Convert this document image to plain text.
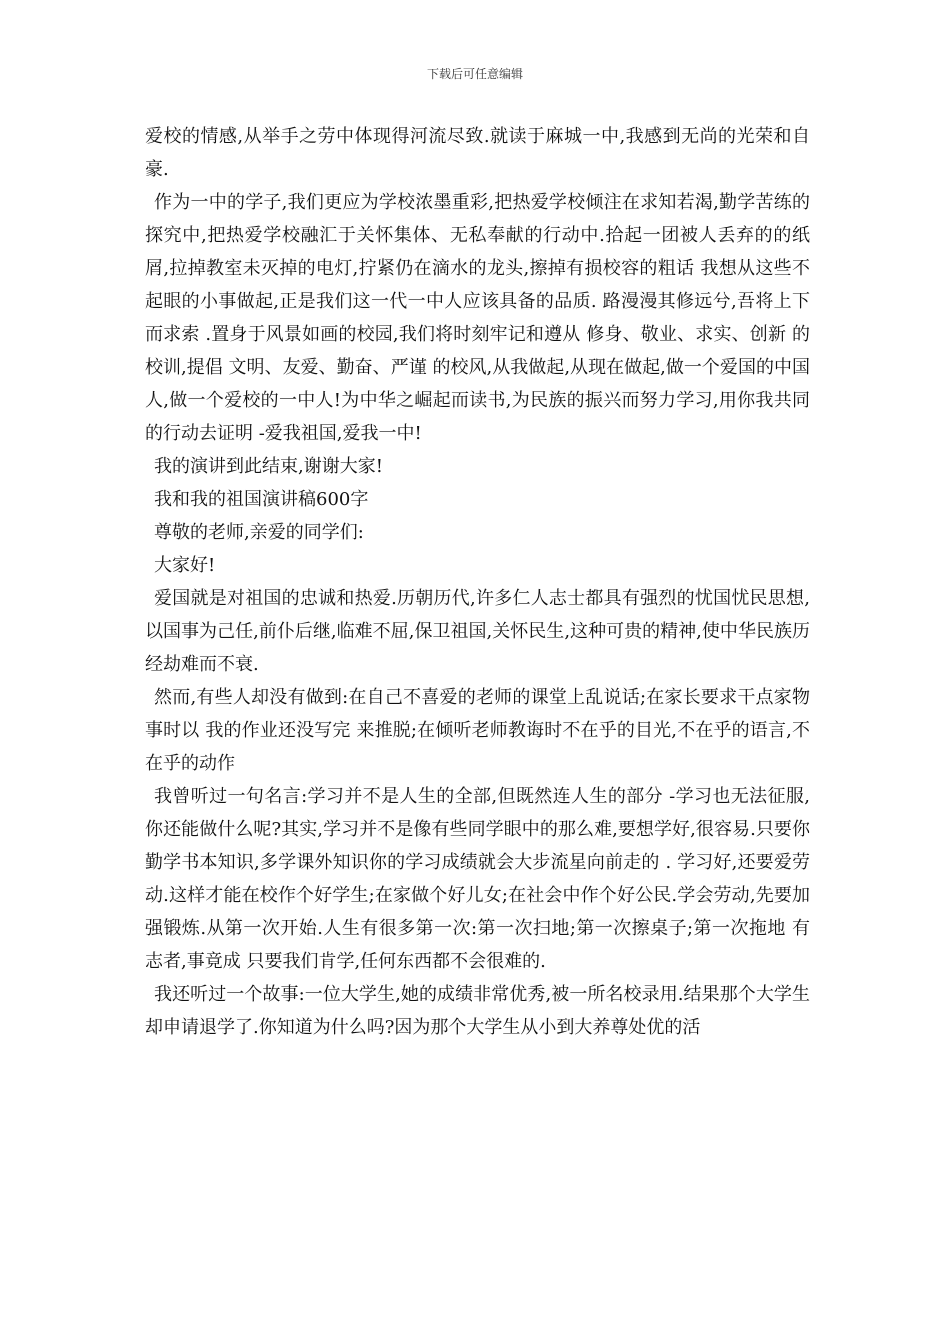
下载后可任意编辑

爱校的情感,从举手之劳中体现得河流尽致.就读于麻城一中,我感到无尚的光荣和自豪.

作为一中的学子,我们更应为学校浓墨重彩,把热爱学校倾注在求知若渴,勤学苦练的探究中,把热爱学校融汇于关怀集体、无私奉献的行动中.拾起一团被人丢弃的的纸屑,拉掉教室未灭掉的电灯,拧紧仍在滴水的龙头,擦掉有损校容的粗话 我想从这些不起眼的小事做起,正是我们这一代一中人应该具备的品质. 路漫漫其修远兮,吾将上下而求索 .置身于风景如画的校园,我们将时刻牢记和遵从 修身、敬业、求实、创新 的校训,提倡 文明、友爱、勤奋、严谨 的校风,从我做起,从现在做起,做一个爱国的中国人,做一个爱校的一中人!为中华之崛起而读书,为民族的振兴而努力学习,用你我共同的行动去证明 -爱我祖国,爱我一中!

我的演讲到此结束,谢谢大家!

我和我的祖国演讲稿600字

尊敬的老师,亲爱的同学们:

大家好!

爱国就是对祖国的忠诚和热爱.历朝历代,许多仁人志士都具有强烈的忧国忧民思想,以国事为己任,前仆后继,临难不屈,保卫祖国,关怀民生,这种可贵的精神,使中华民族历经劫难而不衰.

然而,有些人却没有做到:在自己不喜爱的老师的课堂上乱说话;在家长要求干点家物事时以 我的作业还没写完 来推脱;在倾听老师教诲时不在乎的目光,不在乎的语言,不在乎的动作

我曾听过一句名言:学习并不是人生的全部,但既然连人生的部分 -学习也无法征服,你还能做什么呢?其实,学习并不是像有些同学眼中的那么难,要想学好,很容易.只要你勤学书本知识,多学课外知识你的学习成绩就会大步流星向前走的 . 学习好,还要爱劳动.这样才能在校作个好学生;在家做个好儿女;在社会中作个好公民.学会劳动,先要加强锻炼.从第一次开始.人生有很多第一次:第一次扫地;第一次擦桌子;第一次拖地 有志者,事竟成 只要我们肯学,任何东西都不会很难的.

我还听过一个故事:一位大学生,她的成绩非常优秀,被一所名校录用.结果那个大学生却申请退学了.你知道为什么吗?因为那个大学生从小到大养尊处优的活
